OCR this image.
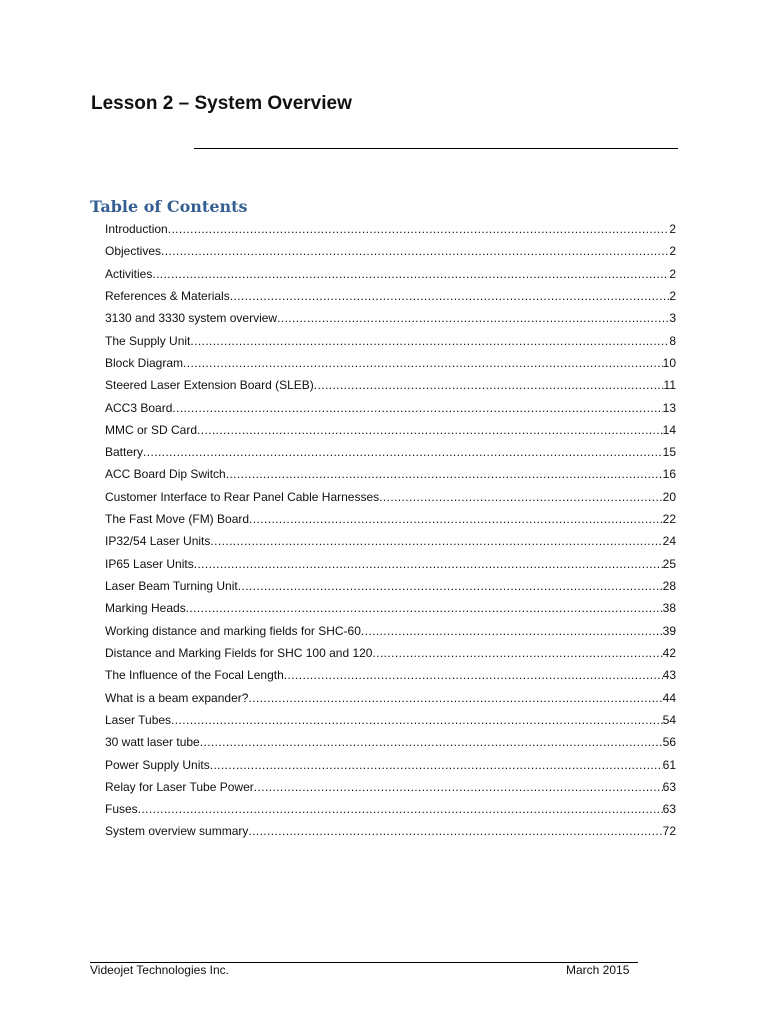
Lesson 2 – System Overview
Table of Contents
Introduction .....	2
Objectives .....	2
Activities .....	2
References & Materials .....	2
3130 and 3330 system overview .....	3
The Supply Unit .....	8
Block Diagram .....	10
Steered Laser Extension Board (SLEB) .....	11
ACC3 Board .....	13
MMC or SD Card .....	14
Battery .....	15
ACC Board Dip Switch .....	16
Customer Interface to Rear Panel Cable Harnesses .....	20
The Fast Move (FM) Board .....	22
IP32/54 Laser Units .....	24
IP65 Laser Units .....	25
Laser Beam Turning Unit .....	28
Marking Heads .....	38
Working distance and marking fields for SHC-60 .....	39
Distance and Marking Fields for SHC 100 and 120 .....	42
The Influence of the Focal Length .....	43
What is a beam expander? .....	44
Laser Tubes .....	54
30 watt laser tube .....	56
Power Supply Units .....	61
Relay for Laser Tube Power .....	63
Fuses .....	63
System overview summary .....	72
Videojet Technologies Inc.	March 2015
